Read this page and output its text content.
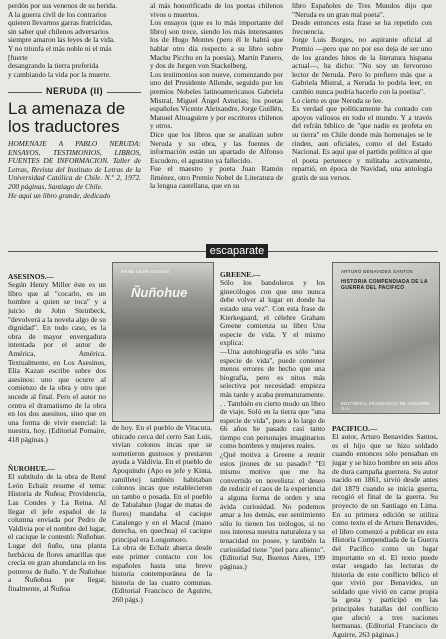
perdón por sus venenos de su herida.
A la guerra civil de los contrarios
quieren llevarnos garras fratricidas,
sin saber qué chilenos adversarios
siempre amaron las leyes de la vida.
Y no triunfa el más noble ni el más
[fuerte
desangrando la tierra preferida
y cambiando la vida por la muerte.
NERUDA (II)
La amenaza de los traductores
HOMENAJE A PABLO NERUDA: ENSAYOS, TESTIMONIOS, LIBROS, FUENTES DE INFORMACION. Taller de Letras, Revista del Instituto de Letras de la Universidad Católica de Chile. N.º 2, 1972. 200 páginas, Santiago de Chile.
He aquí un libro grande, dedicado
al más honorificado de los poetas chilenos vivos o muertos.
Los ensayos (que es lo más importante del libro) son trece, siendo los más interesantes los de Hugo Montes (pero él le habrá que hablar otro día respecto a su libro sobre Machu Picchu en la poesía), Martín Panero, y dos de Jurgen von Stackelberg.
Los testimonios son nueve, comenzando por uno del Presidente Allende, seguido por los premios Nobeles latinoamericanos Gabriela Mistral, Miguel Ángel Asturias; los poetas españoles Vicente Aleixandre, Jorge Guillén, Manuel Altoaguirre y por escritores chilenos y otros.
Dice que los libros que se analizan sobre Neruda y su obra, y las fuentes de información están un apartado de Alfonso Escudero, el agustino ya fallecido.
Fue el maestro y poeta Juan Ramón Jiménez, otro Premio Nobel de Literatura de la lengua castellana, que en su
libro Españoles de Tres Mundos dijo que "Neruda es un gran mal poeta".
Desde entonces esta frase se ha repetido con frecuencia.
Jorge Luis Borges, no aspirante oficial al Premio —pero que no por eso deja de ser uno de los grandes hitos de la literatura hispana actual—, ha dicho: "No soy un fervoroso lector de Neruda. Pero lo prefiero más que a Gabriela Mistral, a Neruda lo podría leer, en cambio nunca podría hacerlo con la poetisa".
Lo cierto es que Neruda se lee.
Es verdad que políticamente ha contado con apoyos valiosos en todo el mundo. Y a través del refrán bíblico de "que nadie es profeta en su tierra" en Chile donde más homenajes se le rinden, aun oficiales, como el del Estado Nacional. Es aquí que el partido político al que el poeta pertenece y militaba activamente, repartió, en época de Navidad, una antología gratis de sus versos.
escaparate

ASESINOS.—
Según Henry Miller éste es un libro que al "cocarlo, es un hombre a quien se toca" y a juicio de John Steinbeck, "devolverá a la novela algo de su dignidad". En todo caso, es la obra de mayor envergadura intentada por el autor de América, América. Textualmente, en Los Asesinos, Elia Kazan escribe sobre dos asesinos: uno que ocurre al comienzo de la obra y otro que sucede al final. Pero el autor no centra el dramatismo de la obra en los dos asesinos, sino que en una forma de vivir esencial: la nuestra, hoy. (Editorial Pomaire, 418 páginas.)

ÑUROHUE.—
El subtítulo de la obra de René León Echaíz resume el tema: Historia de Ñuñoa; Providencia, Las Condes y La Reina. Al llegar el jefe español de la columna enviada por Pedro de Valdivia por el nombre del lugar, el cacique le contestó: Ñuñohue. Lugar del ñuño, una planta herbácea de flores amarillas que crecía en gran abundancia en los potreros de ñuño. Y de Ñuñohue a Ñuñohua por llegar, finalmente, al Ñuñoa

RENE LEON ECHAIZ
Ñuñohue
de hoy. En el pueblo de Vitacura, ubicado cerca del cerro San Luis, vivían colonos incas que se sometieron gustosos y prestaron ayuda a Valdivia. En el pueblo de Apoquindo (Apo es jefe y Kinta, ramillete) también habitaban colonos incas que establecieron un tambo o posada. En el pueblo de Tabalahue (lugar de matas de flores) mandaba el cacique Catalengo y en el Macul (mano derecha, en quechua) el cacique principal era Longomoro.
La obra de Echaíz abarca desde este primer contacto con los españoles hasta una breve historia contemporánea de la historia de las cuatro comunas. (Editorial Francisco de Aguirre, 260 págs.)

GREENE.—
Sólo los bandoleros y los ginecólogos con que uno nunca debe volver al lugar en donde ha estado una vez". Con esta frase de Kierkegaard, el célebre Graham Greene comienza su libro Una especie de vida. Y el mismo explica:
—Una autobiografía es sólo "una especie de vida", puede contener menos errores de hecho que una biografía, pero es nitos más selectiva por necesidad: empieza más tarde y acaba prematuramente. . . También en cierto modo un libro de viaje. Soló en la tierra que "una especie de vida", pues a lo largo de 66 años he pasado casi tanto tiempo con personajes imaginarios como hombres y mujeres reales.
¿Qué motiva a Greene a reunir estos jirones de su pasado? "El mismo motivo que me ha convertido en novelista: el deseo de reducir el caos de la experiencia a alguna forma de orden y una ávida curiosidad. No podemos amar a los demás, ese sentimiento sólo lo tienen los teólogos, si no nos interesa nuestra naturaleza y su tenacidad no posee, y también la curiosidad tiene "piel para aliento". (Editorial Sur, Buenos Aires, 199 páginas.)

ARTURO BENAVIDES SANTOS
HISTORIA COMPENDIADA DE LA GUERRA DEL PACIFICO
EDITORIAL FRANCISCO DE AGUIRRE S.A.

PACIFICO.—
El autor, Arturo Benavides Santos, es el hijo que se hizo soldado cuando entonces sólo pensaban en jugar y se hizo hombre en seis años de dura campaña guerrera. Su autor nacido en 1861, sirvió desde antes del 1879 cuando se inicia guerra, recogió el final de la guerra. Su proyecto de un Santiago en Lima. En su primera edición se utiliza como texto el de Arturo Benavides, el libro comenzó a publicar en esta Historia Compendiada de la Guerra del Pacífico como un lugar importante en el. El texto puede estar sesgado las lecturas de historia de este conflicto bélico el que vivió por Benavides, un soldado que vivió en carne propia la gesta y participó en las principales batallas del conflicto que afectó a tres naciones hermanas. (Editorial Francisco de Aguirre, 263 páginas.)
